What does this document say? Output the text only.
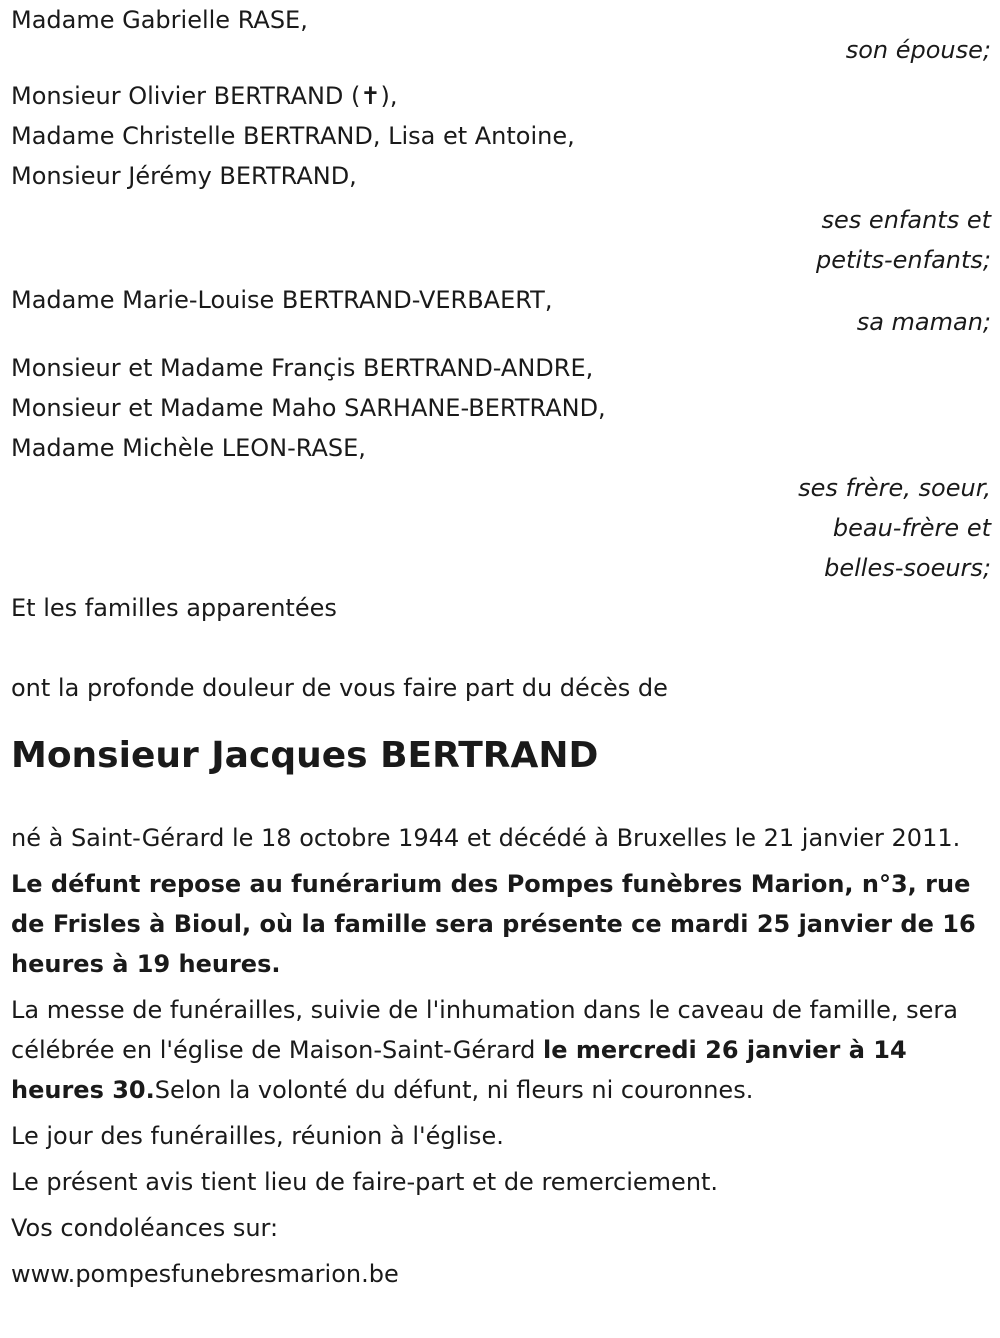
Madame Gabrielle RASE,

son épouse;

Monsieur Olivier BERTRAND (✝),

Madame Christelle BERTRAND, Lisa et Antoine,

Monsieur Jérémy BERTRAND,

ses enfants et

petits-enfants;

Madame Marie-Louise BERTRAND-VERBAERT,

sa maman;

Monsieur et Madame Françis BERTRAND-ANDRE,

Monsieur et Madame Maho SARHANE-BERTRAND,

Madame Michèle LEON-RASE,

ses frère, soeur,

beau-frère et

belles-soeurs;

Et les familles apparentées

ont la profonde douleur de vous faire part du décès de

Monsieur Jacques BERTRAND

né à Saint-Gérard le 18 octobre 1944 et décédé à Bruxelles le 21 janvier 2011.

Le défunt repose au funérarium des Pompes funèbres Marion, n°3, rue de Frisles à Bioul, où la famille sera présente ce mardi 25 janvier de 16 heures à 19 heures.

La messe de funérailles, suivie de l'inhumation dans le caveau de famille, sera célébrée en l'église de Maison-Saint-Gérard le mercredi 26 janvier à 14 heures 30.Selon la volonté du défunt, ni fleurs ni couronnes.

Le jour des funérailles, réunion à l'église.

Le présent avis tient lieu de faire-part et de remerciement.

Vos condoléances sur:

www.pompesfunebresmarion.be
